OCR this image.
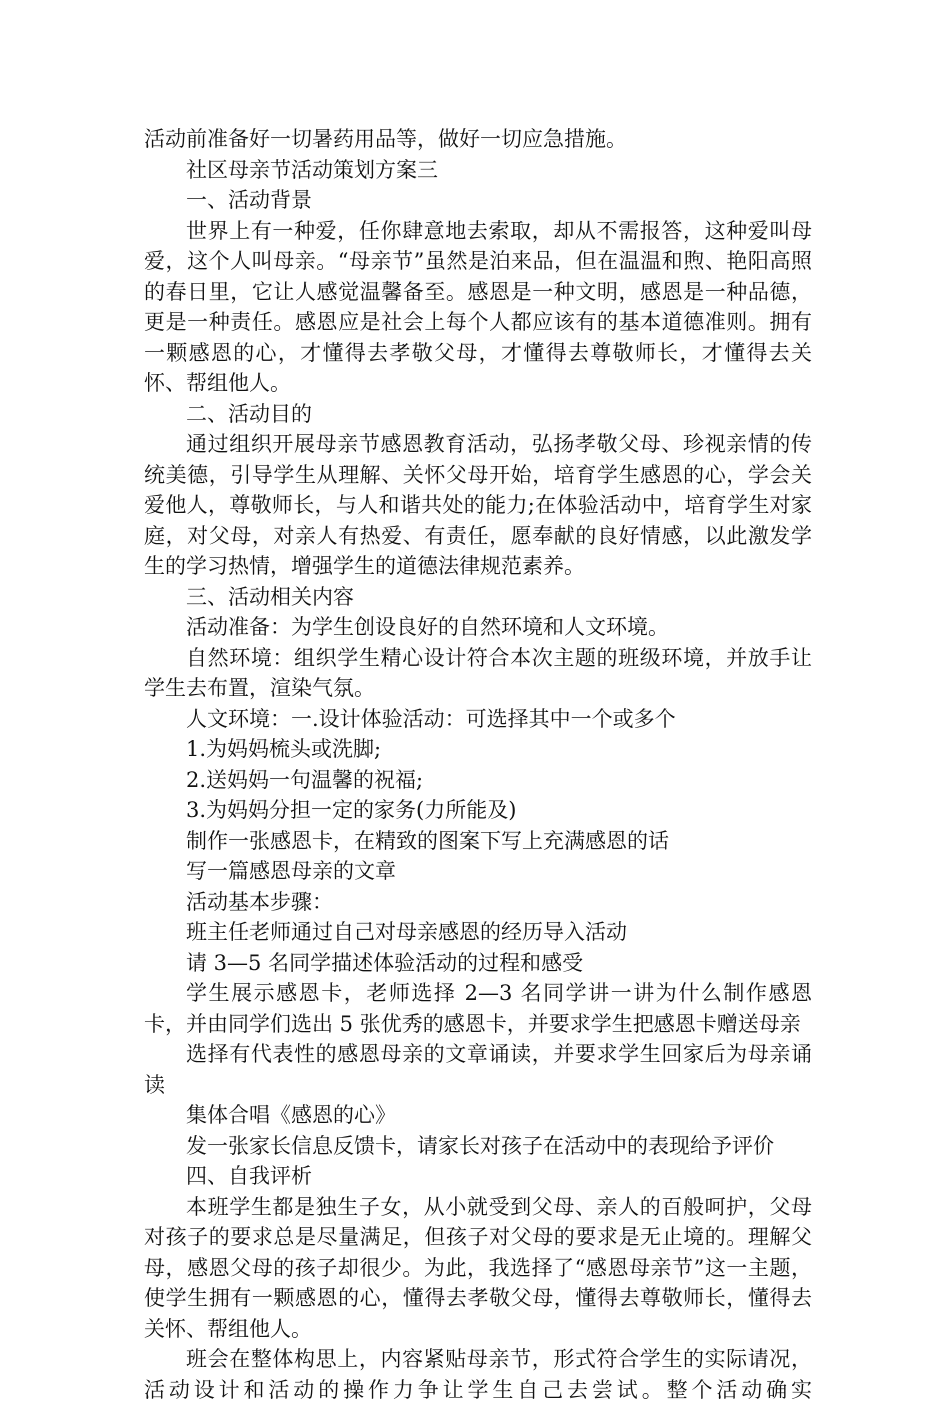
活动前准备好一切暑药用品等，做好一切应急措施。

社区母亲节活动策划方案三

一、活动背景

世界上有一种爱，任你肆意地去索取，却从不需报答，这种爱叫母爱，这个人叫母亲。“母亲节”虽然是泊来品，但在温温和煦、艳阳高照的春日里，它让人感觉温馨备至。感恩是一种文明，感恩是一种品德，更是一种责任。感恩应是社会上每个人都应该有的基本道德准则。拥有一颗感恩的心，才懂得去孝敬父母，才懂得去尊敬师长，才懂得去关怀、帮组他人。

二、活动目的

通过组织开展母亲节感恩教育活动，弘扬孝敬父母、珍视亲情的传统美德，引导学生从理解、关怀父母开始，培育学生感恩的心，学会关爱他人，尊敬师长，与人和谐共处的能力;在体验活动中，培育学生对家庭，对父母，对亲人有热爱、有责任，愿奉献的良好情感，以此激发学生的学习热情，增强学生的道德法律规范素养。

三、活动相关内容

活动准备：为学生创设良好的自然环境和人文环境。

自然环境：组织学生精心设计符合本次主题的班级环境，并放手让学生去布置，渲染气氛。

人文环境：一.设计体验活动：可选择其中一个或多个

1.为妈妈梳头或洗脚;

2.送妈妈一句温馨的祝福;

3.为妈妈分担一定的家务(力所能及)

制作一张感恩卡，在精致的图案下写上充满感恩的话

写一篇感恩母亲的文章

活动基本步骤：

班主任老师通过自己对母亲感恩的经历导入活动

请 3—5 名同学描述体验活动的过程和感受

学生展示感恩卡，老师选择 2—3 名同学讲一讲为什么制作感恩卡，并由同学们选出 5 张优秀的感恩卡，并要求学生把感恩卡赠送母亲

选择有代表性的感恩母亲的文章诵读，并要求学生回家后为母亲诵读

集体合唱《感恩的心》

发一张家长信息反馈卡，请家长对孩子在活动中的表现给予评价

四、自我评析

本班学生都是独生子女，从小就受到父母、亲人的百般呵护，父母对孩子的要求总是尽量满足，但孩子对父母的要求是无止境的。理解父母，感恩父母的孩子却很少。为此，我选择了“感恩母亲节”这一主题，使学生拥有一颗感恩的心，懂得去孝敬父母，懂得去尊敬师长，懂得去关怀、帮组他人。

班会在整体构思上，内容紧贴母亲节，形式符合学生的实际请况，活动设计和活动的操作力争让学生自己去尝试。整个活动确实
